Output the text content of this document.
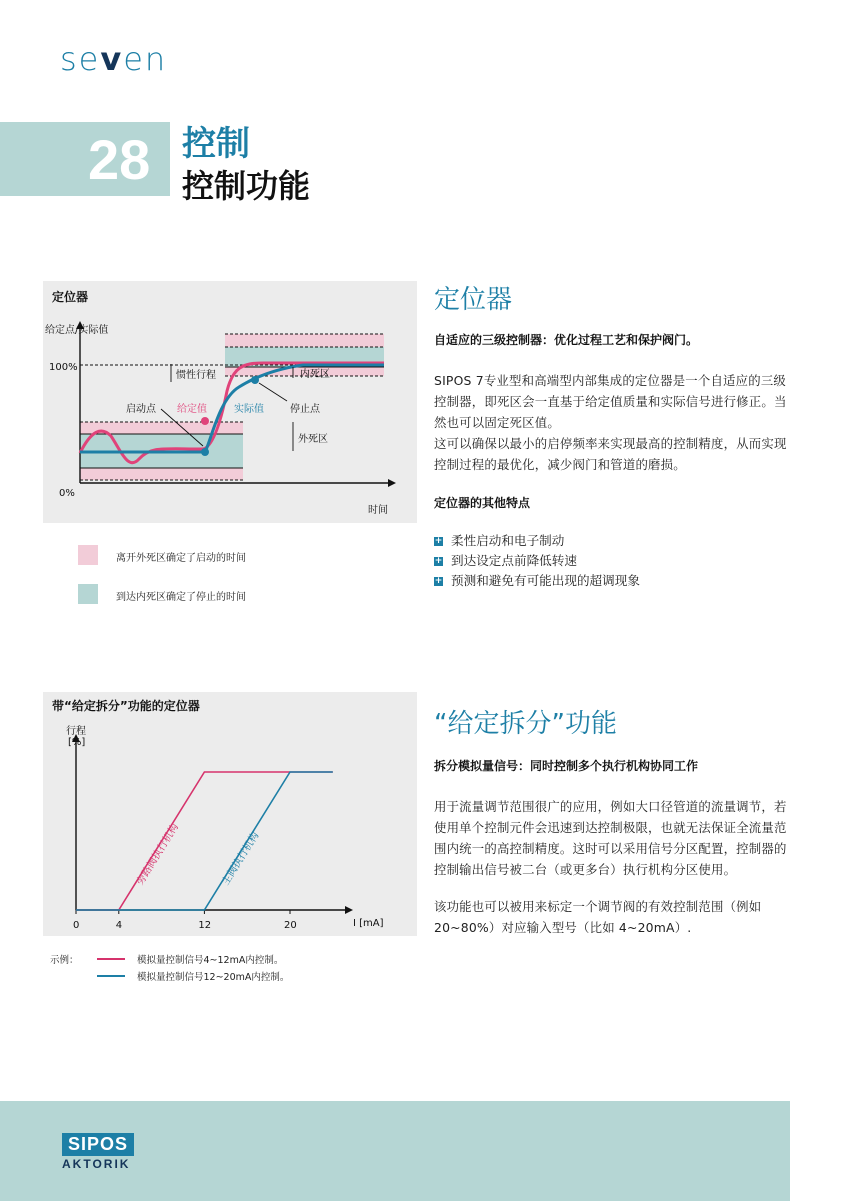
seven
28 控制
控制功能
定位器
给定点/实际值
100%
0%
时间
惯性行程	内死区
启动点 给定值	实际值	停止点
外死区
离开外死区确定了启动的时间
到达内死区确定了停止的时间
定位器
自适应的三级控制器：优化过程工艺和保护阀门。
SIPOS 7专业型和高端型内部集成的定位器是一个自适应的三级控制器，即死区会一直基于给定值质量和实际信号进行修正。当然也可以固定死区值。
这可以确保以最小的启停频率来实现最高的控制精度，从而实现控制过程的最优化，减少阀门和管道的磨损。
定位器的其他特点
+ 柔性启动和电子制动
+ 到达设定点前降低转速
+ 预测和避免有可能出现的超调现象
带“给定拆分”功能的定位器
行程
[%]
I [mA]
0	4	12	20
旁路阀执行机构	主阀执行机构
示例：	模拟量控制信号4~12mA内控制。
模拟量控制信号12~20mA内控制。
“给定拆分”功能
拆分模拟量信号：同时控制多个执行机构协同工作
用于流量调节范围很广的应用，例如大口径管道的流量调节，若使用单个控制元件会迅速到达控制极限，也就无法保证全流量范围内统一的高控制精度。这时可以采用信号分区配置，控制器的控制输出信号被二台（或更多台）执行机构分区使用。
该功能也可以被用来标定一个调节阀的有效控制范围（例如20~80%）对应输入型号（比如 4~20mA）.
SIPOS
AKTORIK
